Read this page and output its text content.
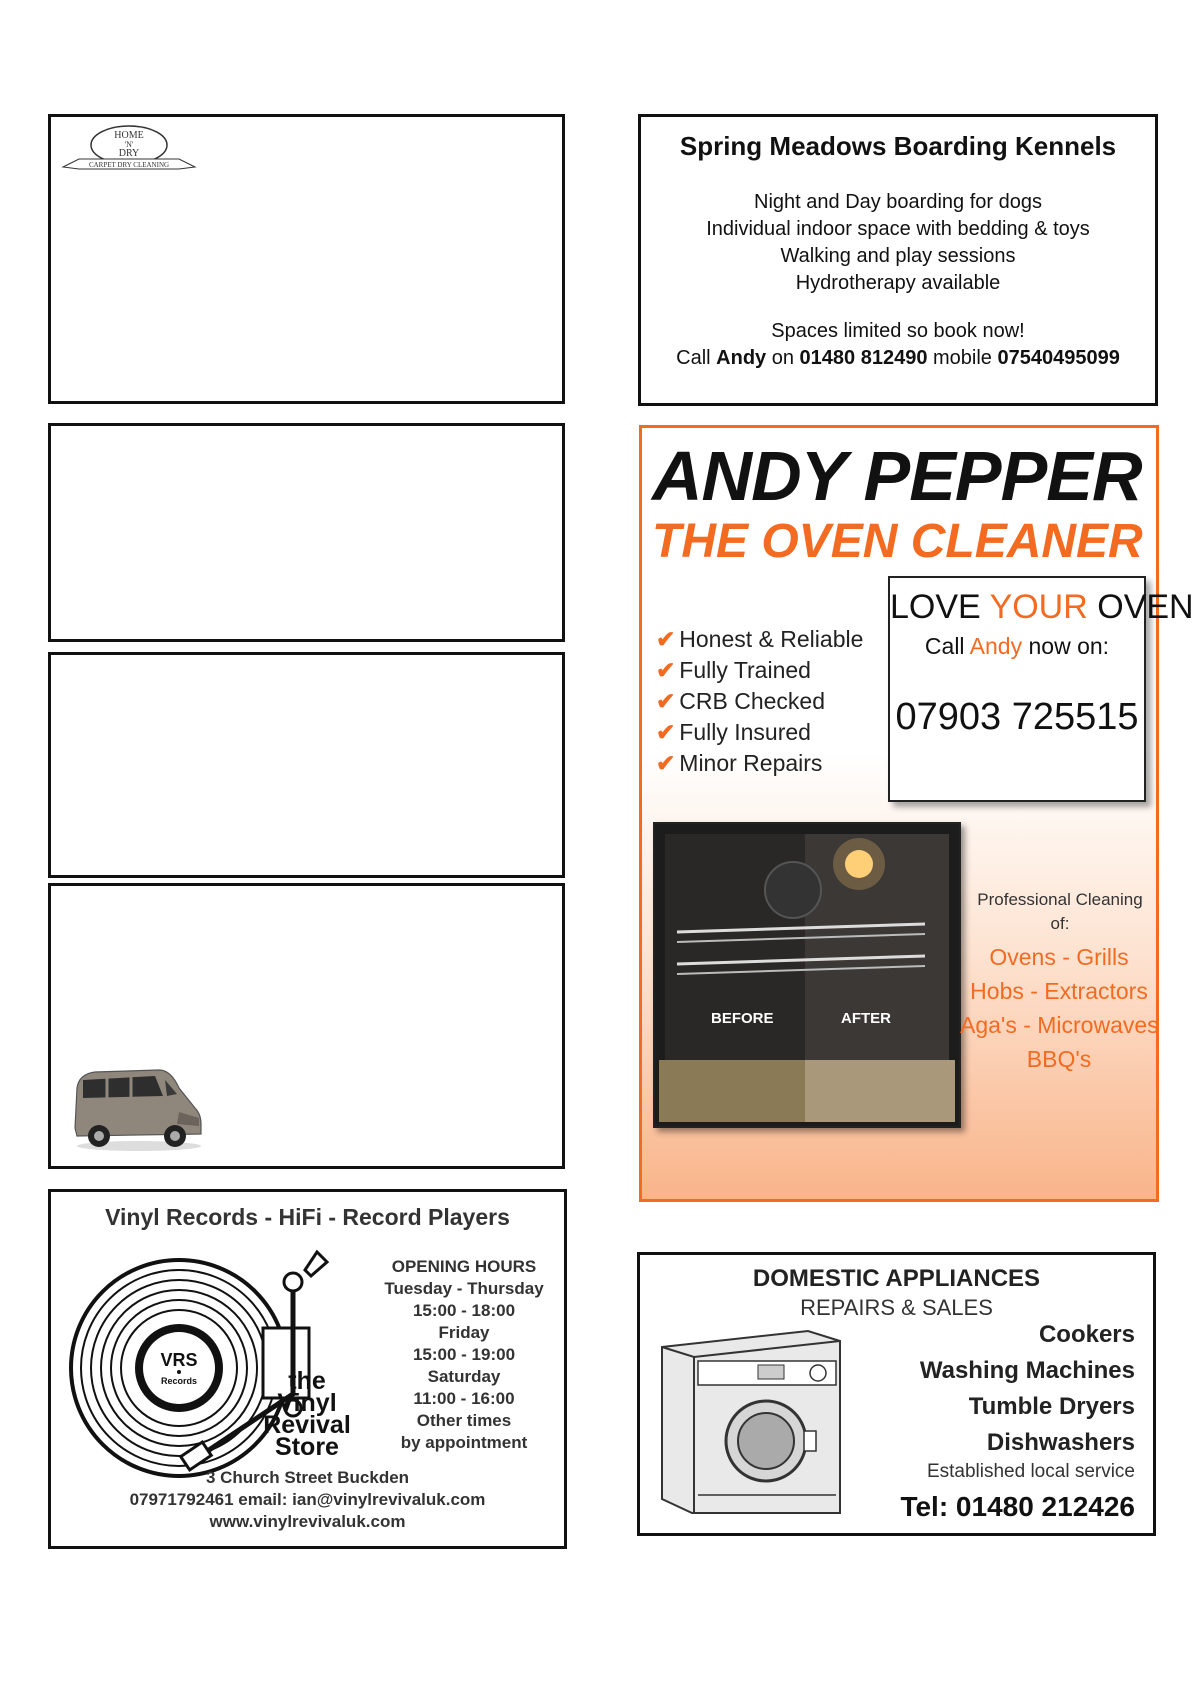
HOME
'N'
DRY
CARPET DRY CLEANING
Spring Meadows Boarding Kennels
Night and Day boarding for dogs
Individual indoor space with bedding & toys
Walking and play sessions
Hydrotherapy available
Spaces limited so book now!
Call Andy on 01480 812490 mobile 07540495099
ANDY PEPPER
THE OVEN CLEANER
✔ Honest & Reliable
✔ Fully Trained
✔ CRB Checked
✔ Fully Insured
✔ Minor Repairs
LOVE YOUR OVEN
Call Andy now on:
07903 725515
BEFORE	AFTER
Professional Cleaning of:
Ovens - Grills
Hobs - Extractors
Aga's - Microwaves
BBQ's
Vinyl Records - HiFi - Record Players
VRS
Records	the
Vinyl
Revival
Store
OPENING HOURS
Tuesday - Thursday
15:00 - 18:00
Friday
15:00 - 19:00
Saturday
11:00 - 16:00
Other times
by appointment
3 Church Street Buckden
07971792461 email: ian@vinylrevivaluk.com
www.vinylrevivaluk.com
DOMESTIC APPLIANCES
REPAIRS & SALES
Cookers
Washing Machines
Tumble Dryers
Dishwashers
Established local service
Tel: 01480 212426
